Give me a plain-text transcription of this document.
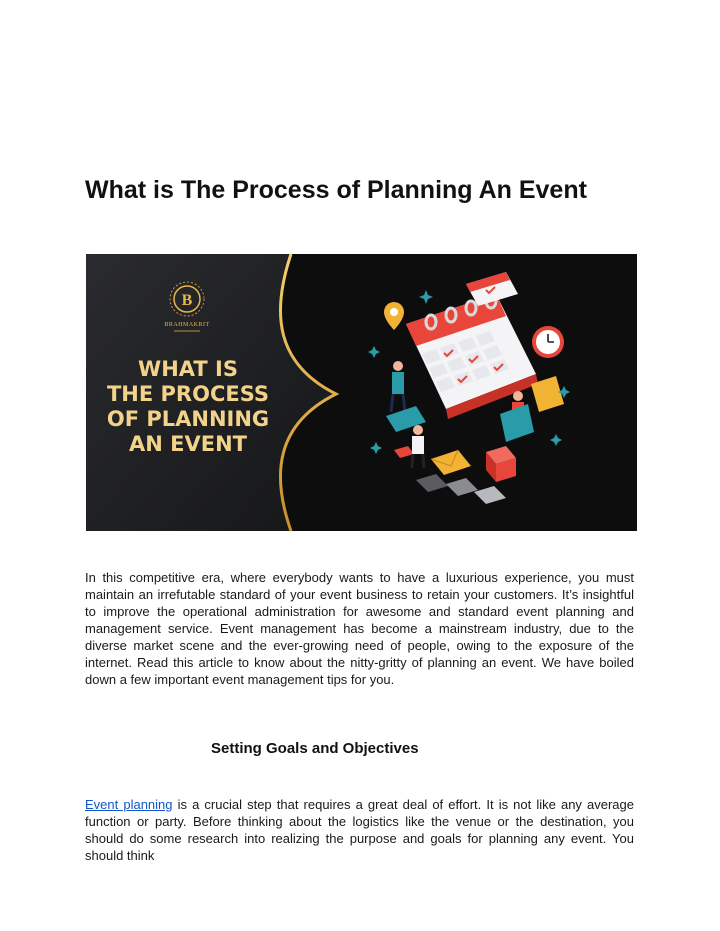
What is The Process of Planning An Event
B
BRAHMAKRIT
WHAT IS
THE PROCESS
OF PLANNING
AN EVENT

In this competitive era, where everybody wants to have a luxurious experience, you must maintain an irrefutable standard of your event business to retain your customers. It’s insightful to improve the operational administration for awesome and standard event planning and management service. Event management has become a mainstream industry, due to the diverse market scene and the ever-growing need of people, owing to the exposure of the internet. Read this article to know about the nitty-gritty of planning an event. We have boiled down a few important event management tips for you.

Setting Goals and Objectives

Event planning is a crucial step that requires a great deal of effort. It is not like any average function or party. Before thinking about the logistics like the venue or the destination, you should do some research into realizing the purpose and goals for planning any event. You should think
